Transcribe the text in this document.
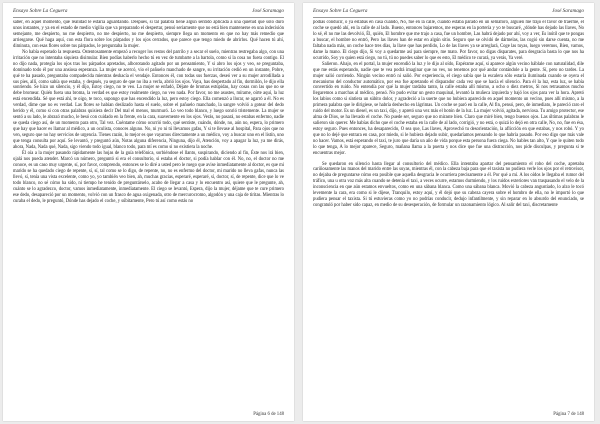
Ensayo Sobre La Ceguera	José Saramago

saber, en aquel momento, qué realidad le estaría aguardando. Después, si tal palabra tiene algún sentido aplicada a una quietud que sólo duró unos instantes, y ya en el estado de medio vigilia que va preparando el despertar, pensó seriamente que no está bien mantenerse en una indecisión semejante, me despierto, no me despierto, no me despierto, no me despierto, siempre llega un momento en que no hay más remedio que arriesgarse. Qué haga aquí, con esta flora sobre los párpados y los ojos cerrados, que parece que tengo miedo de abrirlos. Qué hacen tú ahí, diminuta, con esas flores sobre tus párpados, le preguntaba la mujer.

No había esperado la respuesta. Ostentosamente empezó a recoger los restos del parrilo y a secar el suelo, mientras restregaba algo, con una irritación que no intentaba siquiera disimular. Bien podías haberlo hecho tú en vez de tumbarte a la bartola, como si la cosa no fuera contigo. El no dijo nada, protegía los ojos tras los párpados apretados, alborotando agitado por un pensamiento, Y si abro los ojos y veo, se preguntaba, dominado todo él por una ansiosa esperanza. La mujer se acercó, vio el pañuelo manchado de sangre, su irritación cedió en un instante, Pobre, qué te ha pasado, preguntaba compadecida mientras deshacía el vendaje. Entonces él, con todas sus fuerzas, deseó ver a su mujer arrodillada a sus pies, allí, como sabía que estaba, y después, ya seguro de que no iba a verla, abrió los ojos. Vaya, has despertado al fin, dormilón, le dijo ella sonriendo. Se hizo un silencio, y él dijo, Estoy ciego, no te veo. La mujer se enfadó, Déjate de bromas estúpidas, hay cosas con las que no se debe bromear. Quién fuera una broma, la verdad es que estoy realmente ciego, no veo nada. Por favor, no me asustes, mírame, oírte aquí, la luz está encendida. Sé que está ahí, te oigo, te toco, supongo que has encendido la luz, pero estoy ciego. Ella comenzó a llorar, se agarró a él. No es verdad, dime que no es verdad. Las flores se habían deslizado hasta el suelo, sobre el pañuelo manchado, la sangre volvió a gotear del dedo herido y él, como si con otras palabras quisiera decir Del mal el menos, murmuró. Lo veo todo blanco, y luego sonrió tristemente. La mujer se sentó a su lado, le abrazó mucho, le besó con cuidado en la frente, en la cara, suavemente en los ojos. Verás, no pasará, no estabas enfermo, nadie se queda ciego así, de un momento para otro, Tal vez. Cuéntame cómo ocurrió todo, qué sentiste, cuándo, dónde, no, aún no, espera, lo primero que hay que hacer es llamar al médico, a un oculista, conoces alguno. No, ni yo ni tú llevamos gafas, Y si te llevase al hospital, Para ojos que no ven, seguro que no hay servicios de urgencia. Tienes razón, lo mejor es que vayamos directamente a un médico, voy a buscar uno en el listín, uno que tenga consulta por aquí. Se levantó, y preguntó aún, Notas alguna diferencia, Ninguna, dijo él, Atención, voy a apagar la luz, ya me dirás, ahora, Nada, Nada qué, Nada, sigo viendo todo igual, blanco todo, para mí es como si no existiera la noche.

Él oía a la mujer pasando rápidamente las hojas de la guía telefónica, sorbiéndose el llanto, suspirando, diciendo al fin, Éste nos irá bien, ojalá nos pueda atender. Marcó un número, preguntó si era el consultorio, si estaba el doctor, si podía hablar con él. No, no, el doctor no me conoce, es un caso muy urgente, sí, por favor, comprendo, entonces se lo diré a usted pero le ruego que avise inmediatamente al doctor, es que mi marido se ha quedado ciego de repente, sí, sí, tal como se lo digo, de repente, no, no es enfermo del doctor, mi marido no lleva gafas, nunca las llevó, sí, tenía una vista excelente, como yo, yo también veo bien, ah, muchas gracias, esperaré, esperaré, sí, doctor, sí, de repente, dice que lo ve todo blanco, no sé cómo ha sido, ni tiempo he tenido de preguntárselo, acabo de llegar a casa y lo encuentro así, quiere que le pregunte, ah, cuánto se lo agradezco, doctor, vamos inmediatamente, inmediatamente. El ciego se levantó, Espera, dijo la mujer, déjame que te cure primero ese dedo, desapareció por un momento, volvió con un frasco de agua oxigenada, otro de mercurocromo, algodón y una caja de tiritas. Mientras lo curaba el dedo, le preguntó, Dónde has dejado el coche, y súbitamente, Pero tú así como estás no

Página 6 de 148
Ensayo Sobre La Ceguera	José Saramago

podías conducir, o ya estabas en casa cuando, No, fue en la calle, cuando estaba parado en un semáforo, alguien me trajo el favor de traerme, el coche se quedó ahí, en la calle de al lado. Bueno, entonces bajaremos, me esperas en la portería y yo te buscaré, ¿dónde has dejado las llaves, No lo sé, él no me las devolvió, Él, quién, El hombre que me trajo a casa, fue un hombre, Las habrá dejado por ahí, voy a ver, Es inútil que te pongas a buscar, el hombre no entró, Pero las llaves han de estar en algún sitio. Seguro que se olvidó de dármelas, las cogió sin darse cuenta, no me faltaba nada más, un coche hace tres días, la llave que has perdido, Lo de las llaves ya se arreglará, Coge las tuyas, luego veremos, Bien, vamos, dame la mano. El ciego dijo, Si voy a quedarme así para siempre, me mato. Por favor, no digas disparates, para desgracia basta lo que nos ha ocurrido, Soy yo quien está ciego, no tú, tú no puedes saber lo que es esto, El médico te curará, ya verás, Ya veré.

Salieron. Abajo, en el portal, la mujer encendió la luz y le dijo al oído, Espérame aquí, si aparece algún vecino háblale con naturalidad, dile que me estás esperando, nadie que te vea podrá imaginar que no ves, no tenemos por qué andar contándole a la gente. Sí, pero no tardes. La mujer salió corriendo. Ningún vecino entró ni salió. Por experiencia, el ciego sabía que la escalera sólo estaría iluminada cuando se oyera el mecanismo del conductor automático, por eso fue apretando el disparador cada vez que se hacía el silencio. Para él la luz, esta luz, se había convertido en ruido. No entendía por qué la mujer tardaba tanto, la calle estaba allí mismo, a ocho o diez metros, Si nos retrasamos mucho llegaremos a marchas al médico, pensó. No pudo evitar un gesto maquinal, levantó la muñeca izquierda y bajó los ojos para ver la hora. Apretó los labios como si sintiera un súbito dolor, y agradeció a la suerte que no hubiera aparecido en aquel momento un vecino, pues allí mismo, a la primera palabra que le dirigiese, se habría deshecho en lágrimas. Un coche se paró en la calle, Al fin, pensó, pero, de inmediato, le pareció raro el ruido del motor. Es un diesel, es un taxi, dijo, y apretó una vez más el botón de la luz. La mujer volvió, agitada, nerviosa. Tu amigo protector, ese alma de Dios, se ha llevado el coche. No puede ser, seguro que no miraste bien. Claro que miré bien, tengo buenos ojos. Las últimas palabras le salieron sin querer. Me habías dicho que el coche estaba en la calle de al lado, corrigió, y no está, o quizá lo dejó en otra calle, No, no, fue en ésa, estoy seguro. Pues entonces, ha desaparecido, O sea que, Las llaves, Aprovechó tu desorientación, la aflicción en que estabas, y nos robó. Y yo que no lo dejé que entrara en casa, por miedo, si le hubiera dejado subir, quedaríamos pensando lo que habría pasado. Por eso digo que más vale no hacer. Vamos, está esperando el taxi, te juro que daría un año de vida porque esta persona fuera ciega. No hables tan alto, Y que le quiten todo lo que tenga, A lo mejor aparece, Seguro, mañana llama a la puerta y nos dice que fue una distracción, nos pide disculpas, y pregunta si te encuentras mejor.

Se quedaron en silencio hasta llegar al consultorio del médico. Ella intentaba apartar del pensamiento el robo del coche, apretaba cariñosamente las manos del marido entre las suyas, mientras él, con la cabeza baja para que el taxista no pudiera verle los ojos por el retrovisor, no dejaba de preguntarse cómo era posible que aquella desgracia le ocurriera precisamente a él. Por qué a mí. A los oídos le llegaba el rumor del tráfico, una u otra voz más alta cuando se detenía el taxi, a veces ocurre, estamos durmiendo, y los ruidos exteriores van traspasando el velo de la inconsciencia en que aún estamos envueltos, como en una sábana blanca. Como una sábana blanca. Movió la cabeza angustiado, lo alzo le tocó levemente la cara, era como si le dijese, Tranquilo, estoy aquí, y él dejó que su cabeza cayera sobre el hombro de ella, no le importó lo que pudiera pensar el taxista. Si tú estuvieras como yo no podrías conducir, dedujo infantilmente, y sin reparar en lo absurdo del enunciado, se congratuló por haber sido capaz, en medio de su desesperación, de formular un razonamiento lógico. Al salir del taxi, discretamente

Página 7 de 148
